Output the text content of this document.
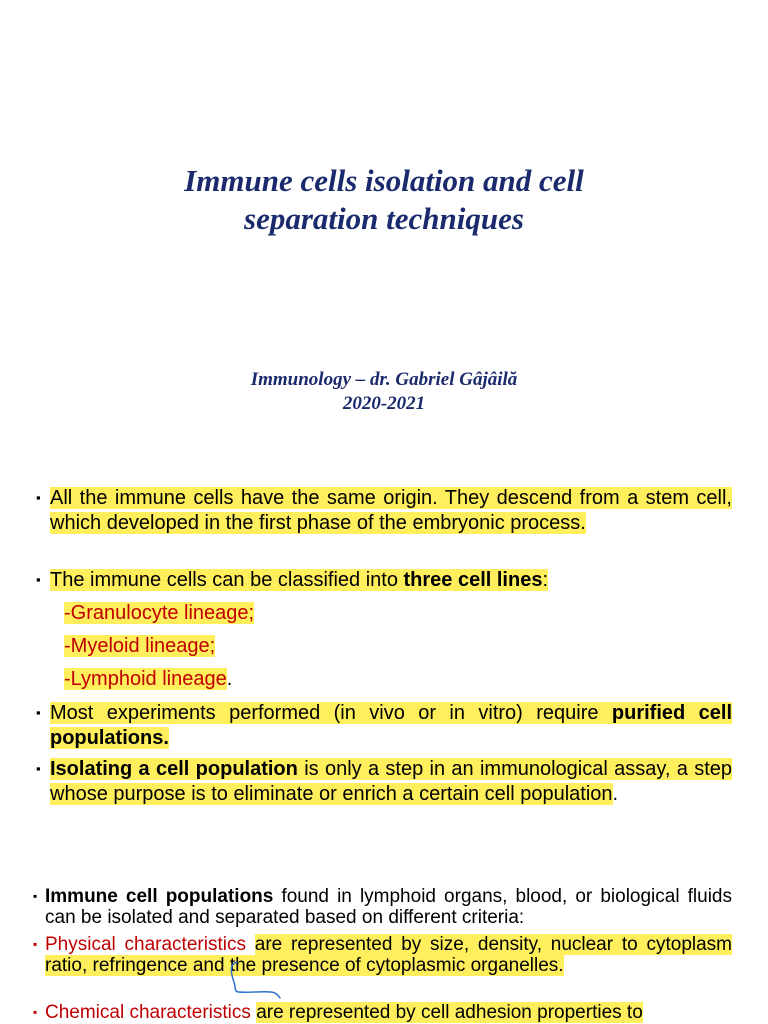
Immune cells isolation and cell
separation techniques
Immunology – dr. Gabriel Gâjâilă
2020-2021
▪ All the immune cells have the same origin. They descend from a stem cell, which developed in the first phase of the embryonic process.
▪ The immune cells can be classified into three cell lines:
-Granulocyte lineage;
-Myeloid lineage;
-Lymphoid lineage.
▪ Most experiments performed (in vivo or in vitro) require purified cell populations.
▪ Isolating a cell population is only a step in an immunological assay, a step whose purpose is to eliminate or enrich a certain cell population.
▪ Immune cell populations found in lymphoid organs, blood, or biological fluids can be isolated and separated based on different criteria:
▪ Physical characteristics are represented by size, density, nuclear to cytoplasm ratio, refringence and the presence of cytoplasmic organelles.
▪ Chemical characteristics are represented by cell adhesion properties to
